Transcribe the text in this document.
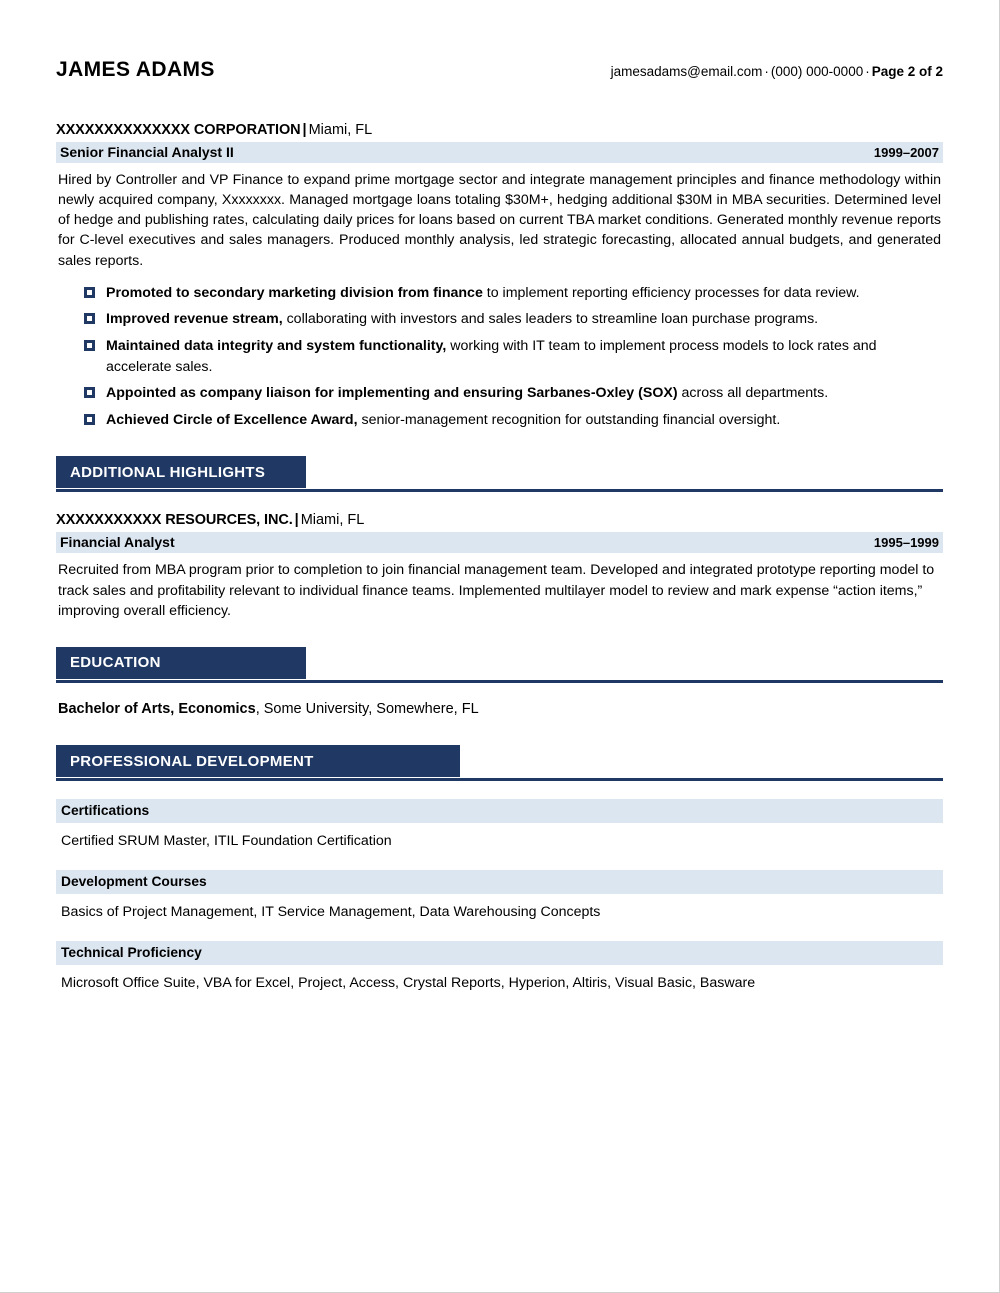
JAMES ADAMS	jamesadams@email.com · (000) 000-0000 · Page 2 of 2
XXXXXXXXXXXXXX CORPORATION | Miami, FL
Senior Financial Analyst II	1999–2007
Hired by Controller and VP Finance to expand prime mortgage sector and integrate management principles and finance methodology within newly acquired company, Xxxxxxxx. Managed mortgage loans totaling $30M+, hedging additional $30M in MBA securities. Determined level of hedge and publishing rates, calculating daily prices for loans based on current TBA market conditions. Generated monthly revenue reports for C-level executives and sales managers. Produced monthly analysis, led strategic forecasting, allocated annual budgets, and generated sales reports.
Promoted to secondary marketing division from finance to implement reporting efficiency processes for data review.
Improved revenue stream, collaborating with investors and sales leaders to streamline loan purchase programs.
Maintained data integrity and system functionality, working with IT team to implement process models to lock rates and accelerate sales.
Appointed as company liaison for implementing and ensuring Sarbanes-Oxley (SOX) across all departments.
Achieved Circle of Excellence Award, senior-management recognition for outstanding financial oversight.
ADDITIONAL HIGHLIGHTS
XXXXXXXXXXX RESOURCES, INC. | Miami, FL
Financial Analyst	1995–1999
Recruited from MBA program prior to completion to join financial management team. Developed and integrated prototype reporting model to track sales and profitability relevant to individual finance teams. Implemented multilayer model to review and mark expense “action items,” improving overall efficiency.
EDUCATION
Bachelor of Arts, Economics, Some University, Somewhere, FL
PROFESSIONAL DEVELOPMENT
Certifications
Certified SRUM Master, ITIL Foundation Certification
Development Courses
Basics of Project Management, IT Service Management, Data Warehousing Concepts
Technical Proficiency
Microsoft Office Suite, VBA for Excel, Project, Access, Crystal Reports, Hyperion, Altiris, Visual Basic, Basware
